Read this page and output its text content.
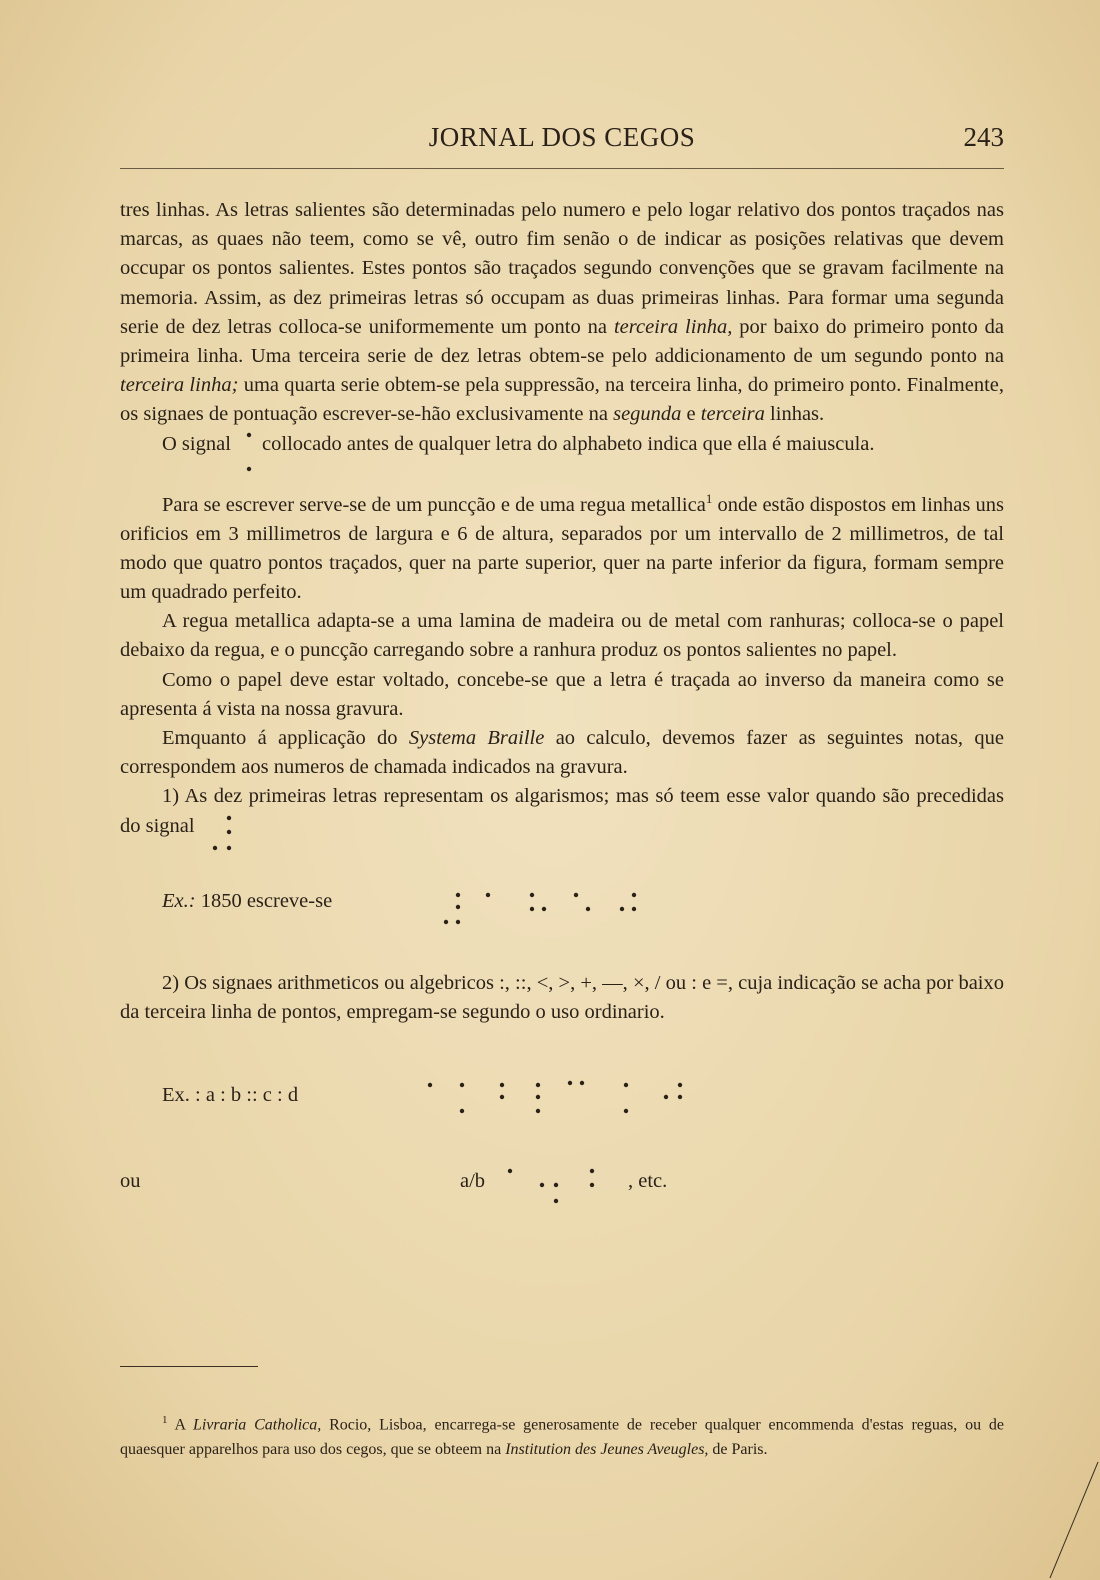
JORNAL DOS CEGOS	243

tres linhas. As letras salientes são determinadas pelo numero e pelo logar relativo dos pontos traçados nas marcas, as quaes não teem, como se vê, outro fim senão o de indicar as posições relativas que devem occupar os pontos salientes. Estes pontos são traçados segundo convenções que se gravam facilmente na memoria. Assim, as dez primeiras letras só occupam as duas primeiras linhas. Para formar uma segunda serie de dez letras colloca-se uniformemente um ponto na terceira linha, por baixo do primeiro ponto da primeira linha. Uma terceira serie de dez letras obtem-se pelo addicionamento de um segundo ponto na terceira linha; uma quarta serie obtem-se pela suppressão, na terceira linha, do primeiro ponto. Finalmente, os signaes de pontuação escrever-se-hão exclusivamente na segunda e terceira linhas.

O signal collocado antes de qualquer letra do alphabeto indica que ella é maiuscula.

Para se escrever serve-se de um puncção e de uma regua metallica$^1$ onde estão dispostos em linhas uns orificios em 3 millimetros de largura e 6 de altura, separados por um intervallo de 2 millimetros, de tal modo que quatro pontos traçados, quer na parte superior, quer na parte inferior da figura, formam sempre um quadrado perfeito.

A regua metallica adapta-se a uma lamina de madeira ou de metal com ranhuras; colloca-se o papel debaixo da regua, e o puncção carregando sobre a ranhura produz os pontos salientes no papel.

Como o papel deve estar voltado, concebe-se que a letra é traçada ao inverso da maneira como se apresenta á vista na nossa gravura.

Emquanto á applicação do Systema Braille ao calculo, devemos fazer as seguintes notas, que correspondem aos numeros de chamada indicados na gravura.

1) As dez primeiras letras representam os algarismos; mas só teem esse valor quando são precedidas do signal

Ex.: 1850 escreve-se

2) Os signaes arithmeticos ou algebricos :, ::, <, >, +, —, ×, / ou : e =, cuja indicação se acha por baixo da terceira linha de pontos, empregam-se segundo o uso ordinario.

Ex. : a : b :: c : d
ou	a/b	, etc.
$^1$ A Livraria Catholica, Rocio, Lisboa, encarrega-se generosamente de receber qualquer encommenda d'estas reguas, ou de quaesquer apparelhos para uso dos cegos, que se obteem na Institution des Jeunes Aveugles, de Paris.
